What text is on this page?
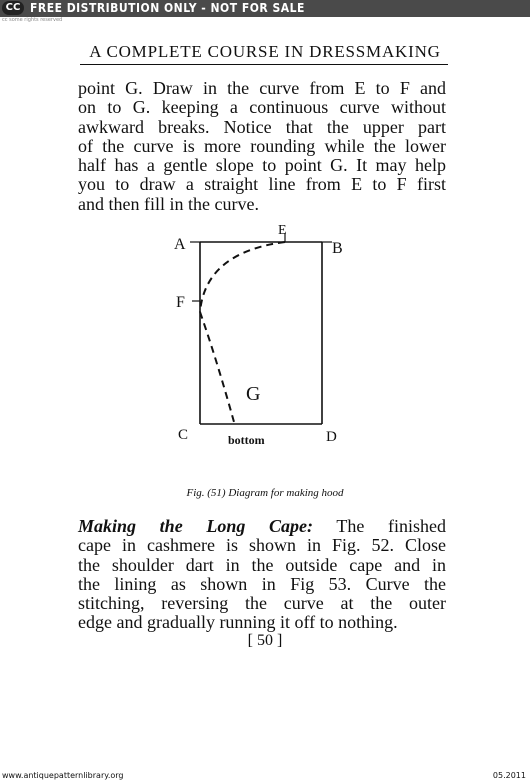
CC FREE DISTRIBUTION ONLY - NOT FOR SALE
cc some rights reserved
A COMPLETE COURSE IN DRESSMAKING
point G. Draw in the curve from E to F and
on to G. keeping a continuous curve without
awkward breaks. Notice that the upper part
of the curve is more rounding while the lower
half has a gentle slope to point G. It may help
you to draw a straight line from E to F first
and then fill in the curve.
A	B
E
F
G
C	D
bottom
Fig. (51) Diagram for making hood
Making the Long Cape: The finished
cape in cashmere is shown in Fig. 52. Close
the shoulder dart in the outside cape and in
the lining as shown in Fig 53. Curve the
stitching, reversing the curve at the outer
edge and gradually running it off to nothing.
[ 50 ]
www.antiquepatternlibrary.org	05.2011
